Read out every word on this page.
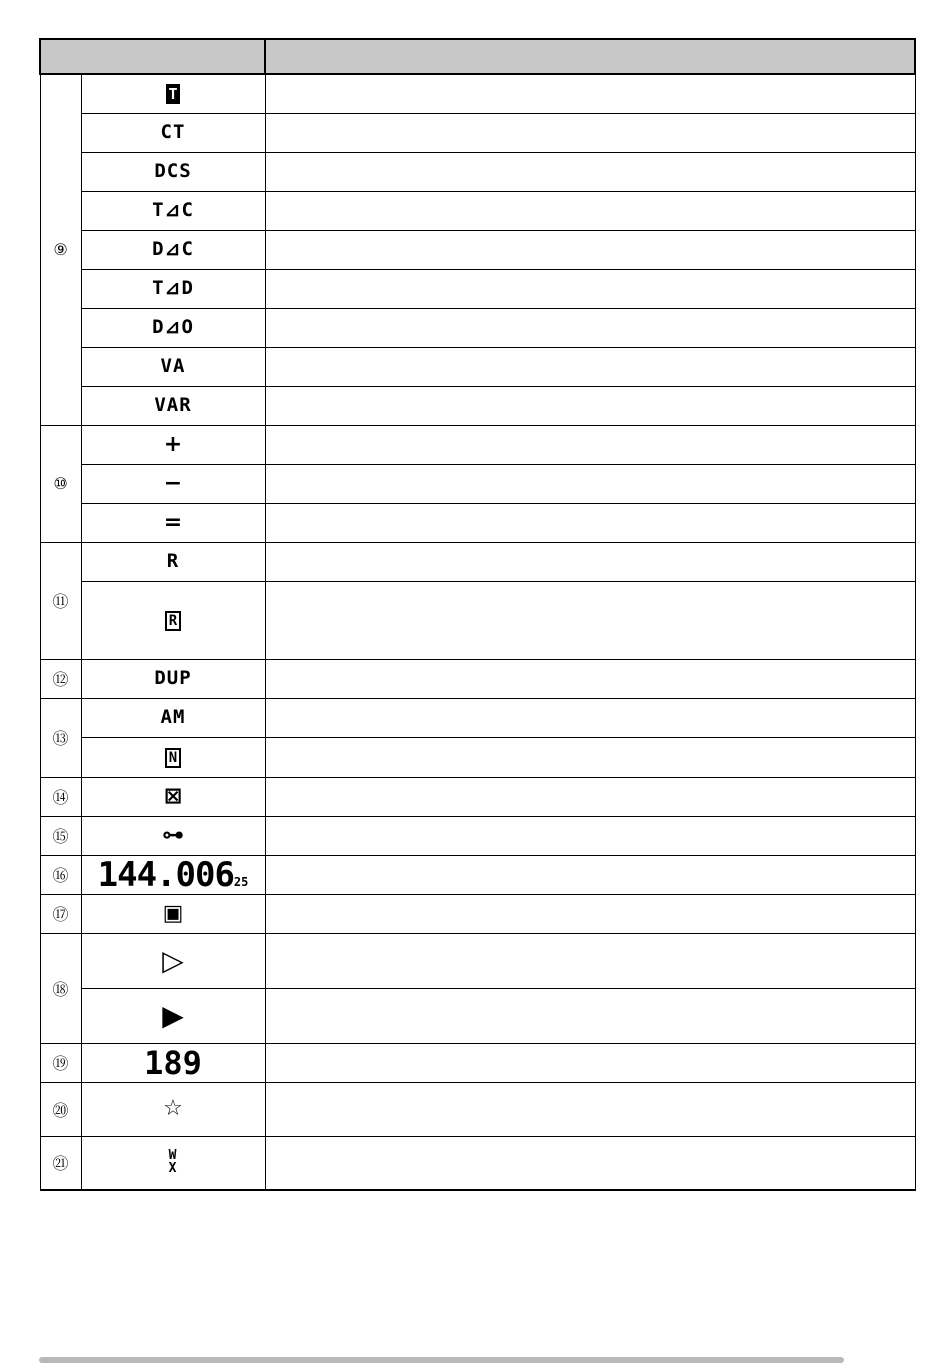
⑨	T	
	CT	
	DCS	
	T⊿C	
	D⊿C	
	T⊿D	
	D⊿O	
	VA	
	VAR	
⑩	+	
	−	
	=	
⑪	R	
	R	
⑫	DUP	
⑬	AM	
	N	
⑭	⊠	
⑮	⊶	
⑯	144.00625	
⑰	▣	
⑱	▷	
	▶	
⑲	189	
⑳	☆	
㉑	W X	
